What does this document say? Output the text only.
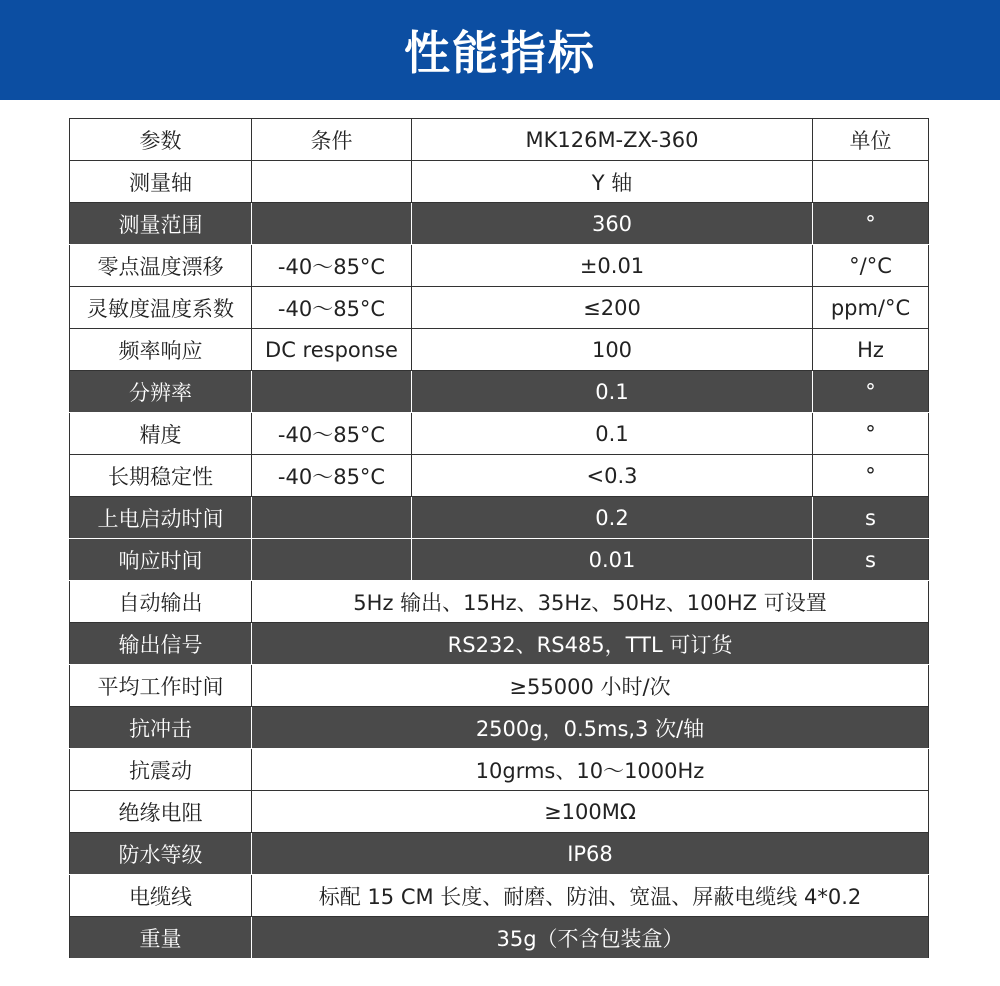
性能指标
参数	条件	MK126M-ZX-360	单位
测量轴		Y 轴	
测量范围		360	°
零点温度漂移	-40～85°C	±0.01	°/°C
灵敏度温度系数	-40～85°C	≤200	ppm/°C
频率响应	DC response	100	Hz
分辨率		0.1	°
精度	-40～85°C	0.1	°
长期稳定性	-40～85°C	<0.3	°
上电启动时间		0.2	s
响应时间		0.01	s
自动输出	5Hz 输出、15Hz、35Hz、50Hz、100HZ 可设置		
输出信号	RS232、RS485，TTL 可订货		
平均工作时间	≥55000 小时/次		
抗冲击	2500g，0.5ms,3 次/轴		
抗震动	10grms、10～1000Hz		
绝缘电阻	≥100MΩ		
防水等级	IP68		
电缆线	标配 15 CM 长度、耐磨、防油、宽温、屏蔽电缆线 4*0.2		
重量	35g（不含包装盒）		
